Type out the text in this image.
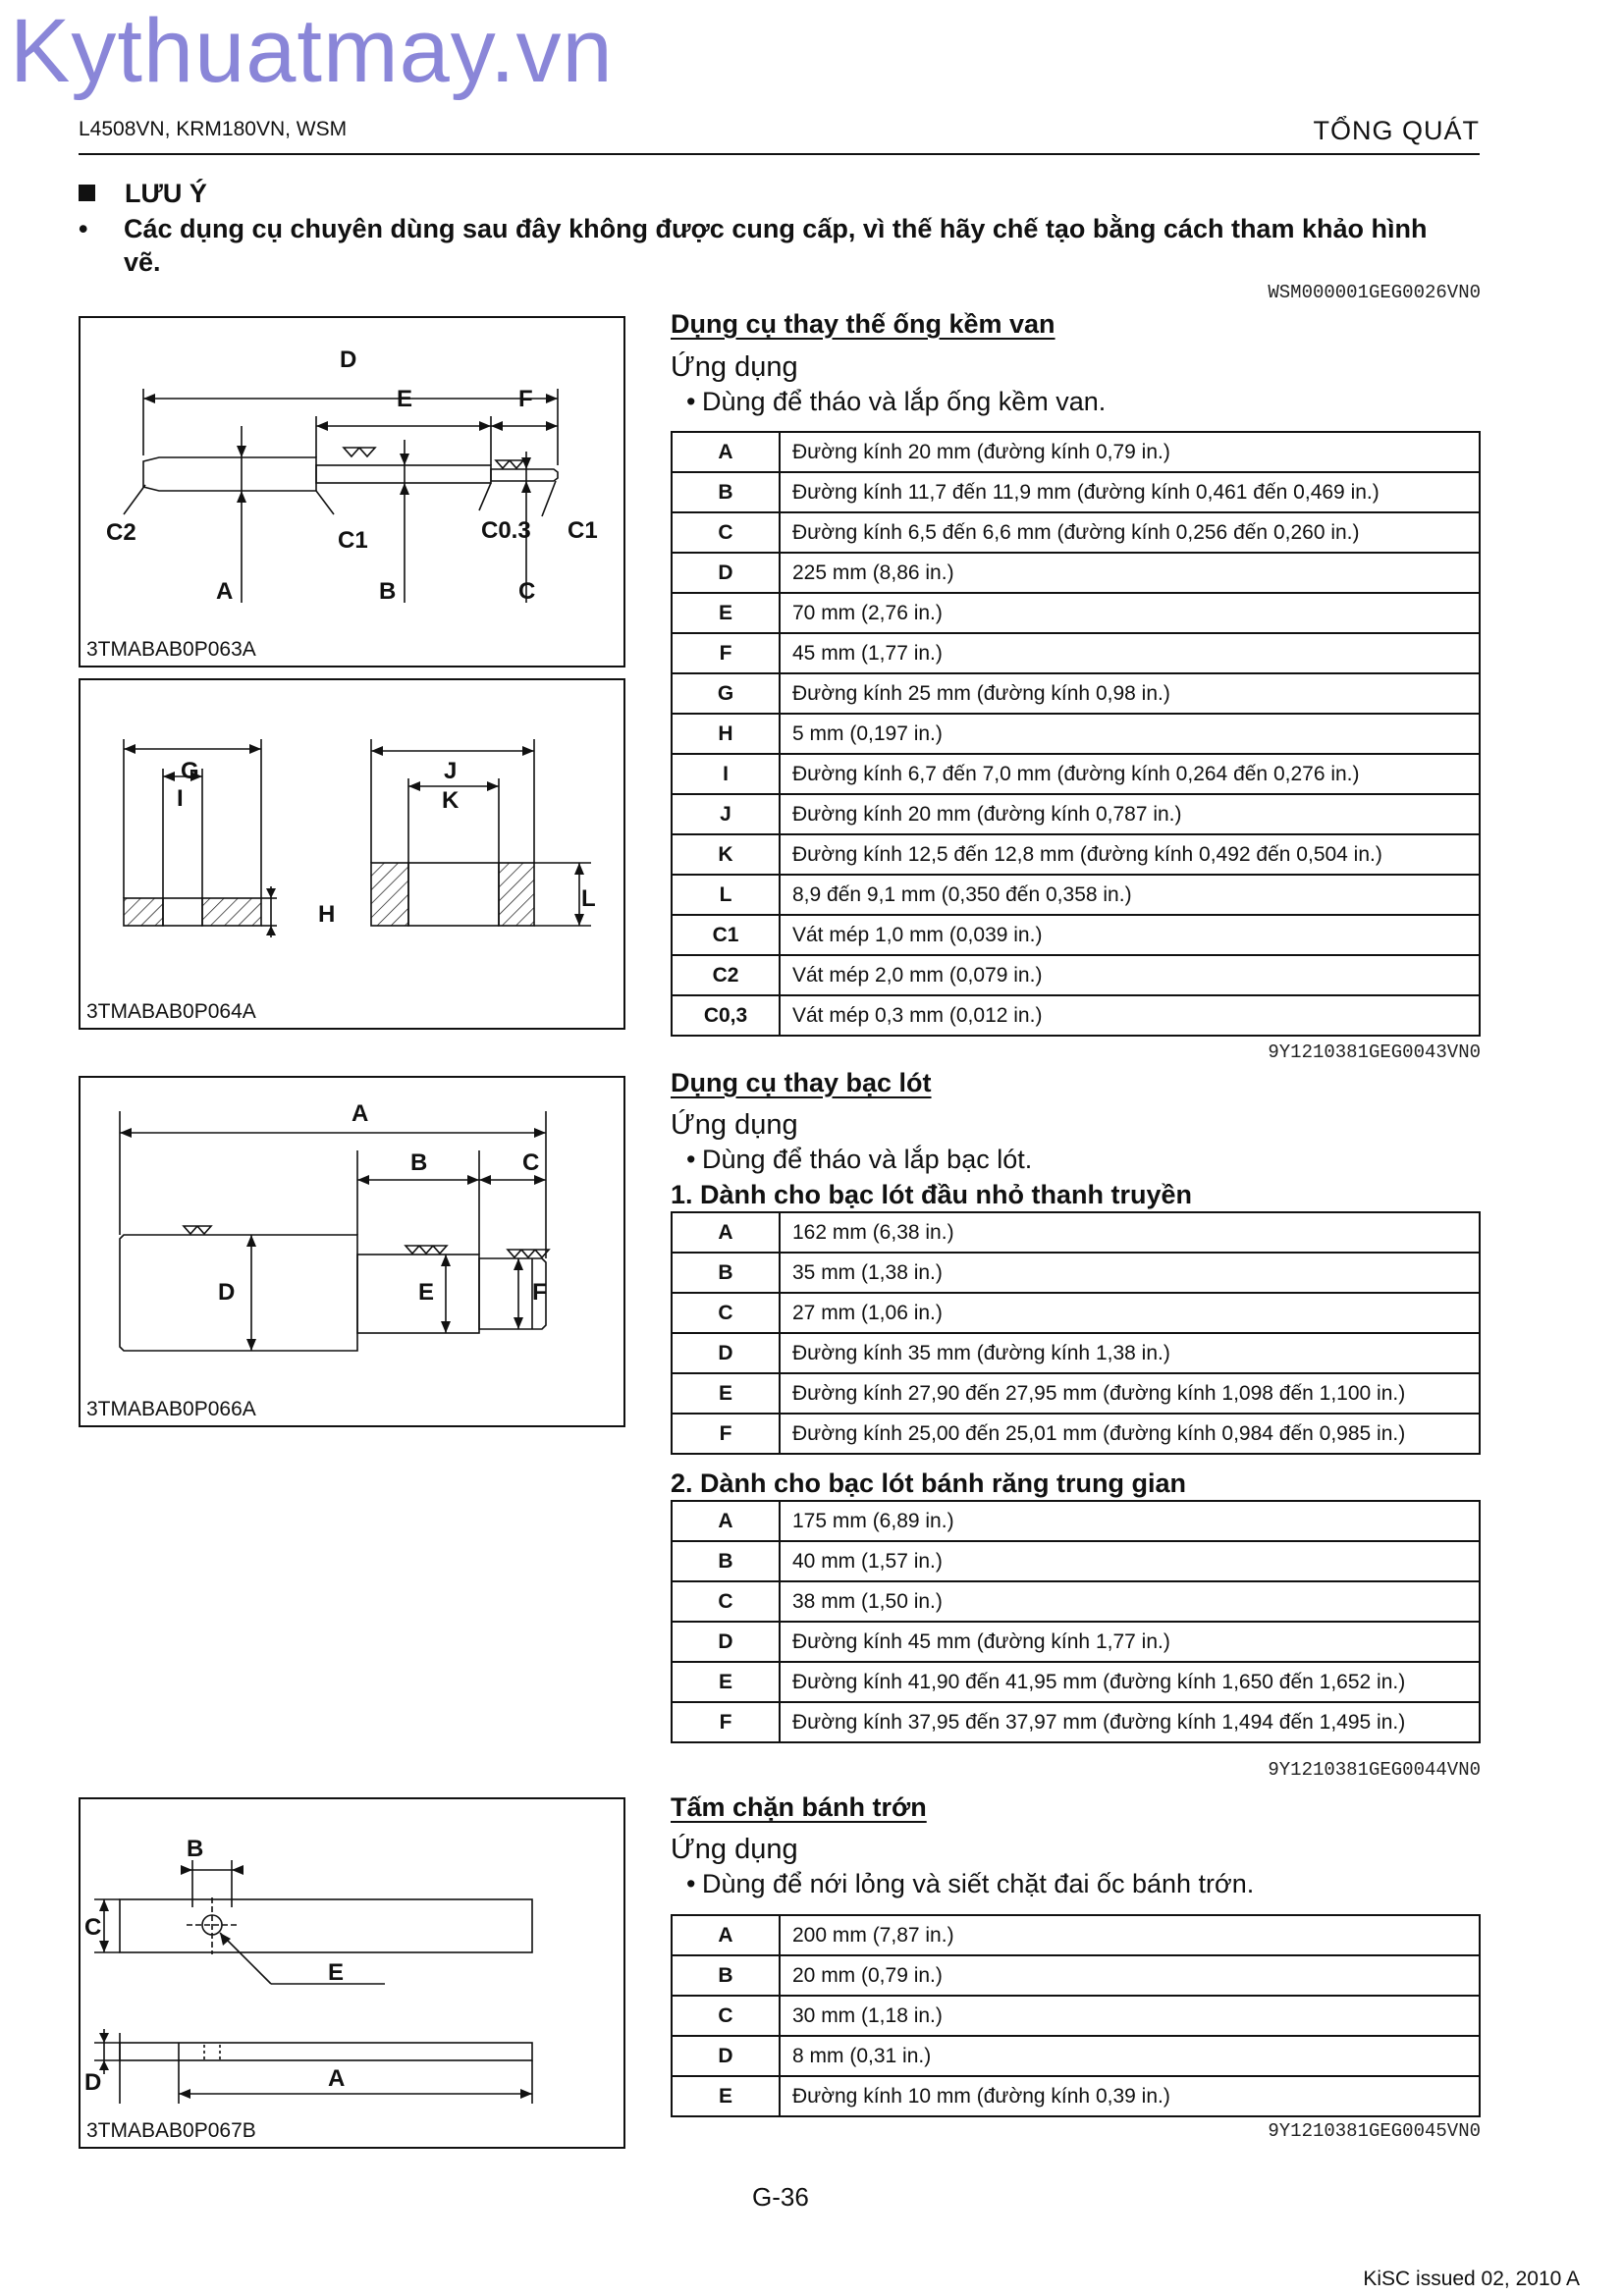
Kythuatmay.vn
L4508VN, KRM180VN, WSM	TỔNG QUÁT
LƯU Ý
• Các dụng cụ chuyên dùng sau đây không được cung cấp, vì thế hãy chế tạo bằng cách tham khảo hình
vẽ.
WSM000001GEG0026VN0
Dụng cụ thay thế ống kềm van
Ứng dụng
• Dùng để tháo và lắp ống kềm van.
A	Đường kính 20 mm (đường kính 0,79 in.)
B	Đường kính 11,7 đến 11,9 mm (đường kính 0,461 đến 0,469 in.)
C	Đường kính 6,5 đến 6,6 mm (đường kính 0,256 đến 0,260 in.)
D	225 mm (8,86 in.)
E	70 mm (2,76 in.)
F	45 mm (1,77 in.)
G	Đường kính 25 mm (đường kính 0,98 in.)
H	5 mm (0,197 in.)
I	Đường kính 6,7 đến 7,0 mm (đường kính 0,264 đến 0,276 in.)
J	Đường kính 20 mm (đường kính 0,787 in.)
K	Đường kính 12,5 đến 12,8 mm (đường kính 0,492 đến 0,504 in.)
L	8,9 đến 9,1 mm (0,350 đến 0,358 in.)
C1	Vát mép 1,0 mm (0,039 in.)
C2	Vát mép 2,0 mm (0,079 in.)
C0,3	Vát mép 0,3 mm (0,012 in.)
9Y1210381GEG0043VN0
D
E	F
C2	C1	C0.3 C1
A	B	C
3TMABAB0P063A
G
I
H
J
K
L
3TMABAB0P064A
Dụng cụ thay bạc lót
Ứng dụng
• Dùng để tháo và lắp bạc lót.
1. Dành cho bạc lót đầu nhỏ thanh truyền
A	162 mm (6,38 in.)
B	35 mm (1,38 in.)
C	27 mm (1,06 in.)
D	Đường kính 35 mm (đường kính 1,38 in.)
E	Đường kính 27,90 đến 27,95 mm (đường kính 1,098 đến 1,100 in.)
F	Đường kính 25,00 đến 25,01 mm (đường kính 0,984 đến 0,985 in.)
2. Dành cho bạc lót bánh răng trung gian
A	175 mm (6,89 in.)
B	40 mm (1,57 in.)
C	38 mm (1,50 in.)
D	Đường kính 45 mm (đường kính 1,77 in.)
E	Đường kính 41,90 đến 41,95 mm (đường kính 1,650 đến 1,652 in.)
F	Đường kính 37,95 đến 37,97 mm (đường kính 1,494 đến 1,495 in.)
9Y1210381GEG0044VN0
A
B	C
D	E	F
3TMABAB0P066A
Tấm chặn bánh trớn
Ứng dụng
• Dùng để nới lỏng và siết chặt đai ốc bánh trớn.
A	200 mm (7,87 in.)
B	20 mm (0,79 in.)
C	30 mm (1,18 in.)
D	8 mm (0,31 in.)
E	Đường kính 10 mm (đường kính 0,39 in.)
9Y1210381GEG0045VN0
B
C
E
D	A
3TMABAB0P067B
G-36
KiSC issued 02, 2010 A
